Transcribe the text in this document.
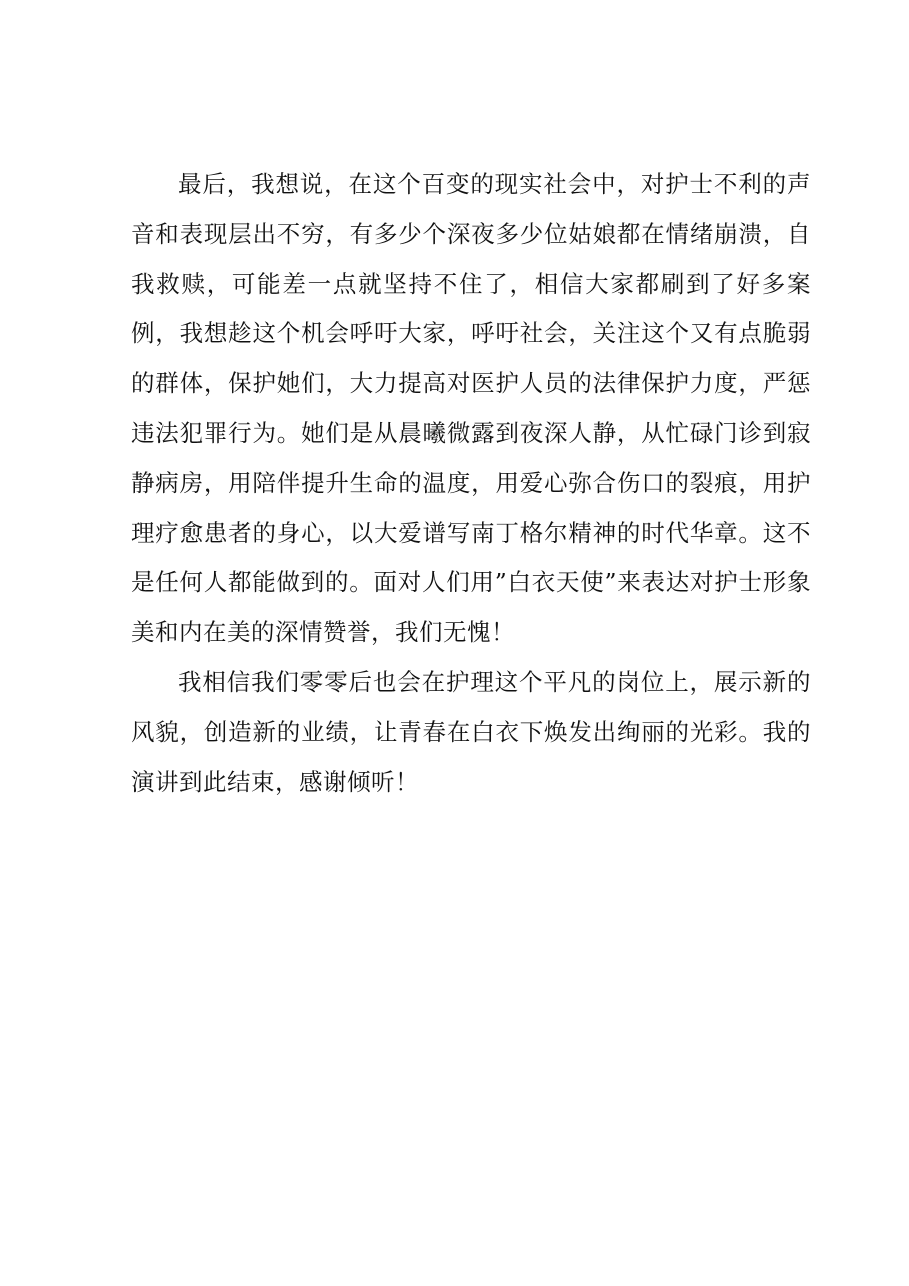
最后，我想说，在这个百变的现实社会中，对护士不利的声音和表现层出不穷，有多少个深夜多少位姑娘都在情绪崩溃，自我救赎，可能差一点就坚持不住了，相信大家都刷到了好多案例，我想趁这个机会呼吁大家，呼吁社会，关注这个又有点脆弱的群体，保护她们，大力提高对医护人员的法律保护力度，严惩违法犯罪行为。她们是从晨曦微露到夜深人静，从忙碌门诊到寂静病房，用陪伴提升生命的温度，用爱心弥合伤口的裂痕，用护理疗愈患者的身心，以大爱谱写南丁格尔精神的时代华章。这不是任何人都能做到的。面对人们用”白衣天使”来表达对护士形象美和内在美的深情赞誉，我们无愧！

我相信我们零零后也会在护理这个平凡的岗位上，展示新的风貌，创造新的业绩，让青春在白衣下焕发出绚丽的光彩。我的演讲到此结束，感谢倾听！
